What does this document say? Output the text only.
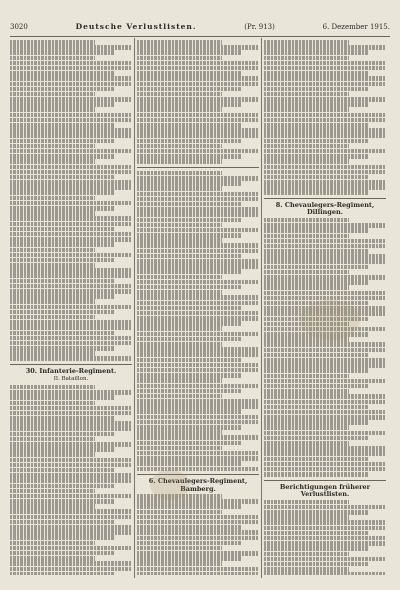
3020	Deutsche Verlustlisten.	(Pr. 913)	6. Dezember 1915.
30. Infanterie-Regiment.
II. Bataillon.
6. Chevaulegers-Regiment, Bamberg.
8. Chevaulegers-Regiment, Dillingen.
Berichtigungen früherer Verlustlisten.
